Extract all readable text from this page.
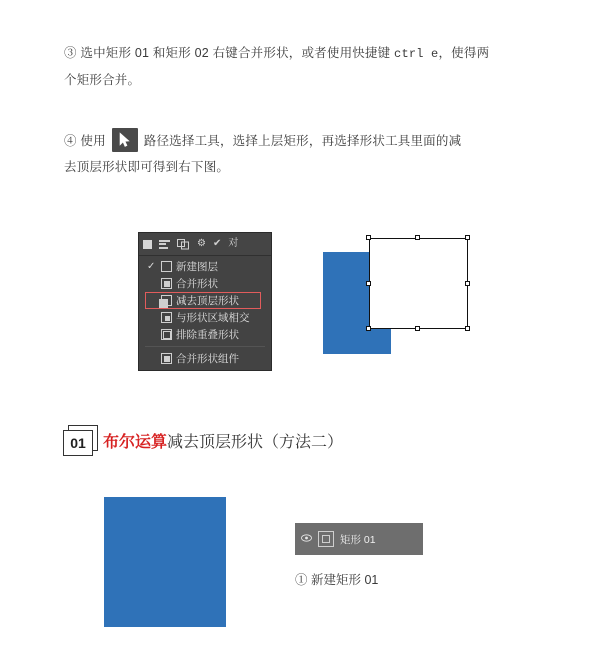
③ 选中矩形 01 和矩形 02 右键合并形状，或者使用快捷键 ctrl e，使得两
个矩形合并。
④ 使用	路径选择工具，选择上层矩形，再选择形状工具里面的减
去顶层形状即可得到右下图。
⚙ ✔ 对
✓	新建图层
合并形状
减去顶层形状
与形状区域相交
排除重叠形状
合并形状组件
01	布尔运算减去顶层形状（方法二）
矩形 01
① 新建矩形 01
